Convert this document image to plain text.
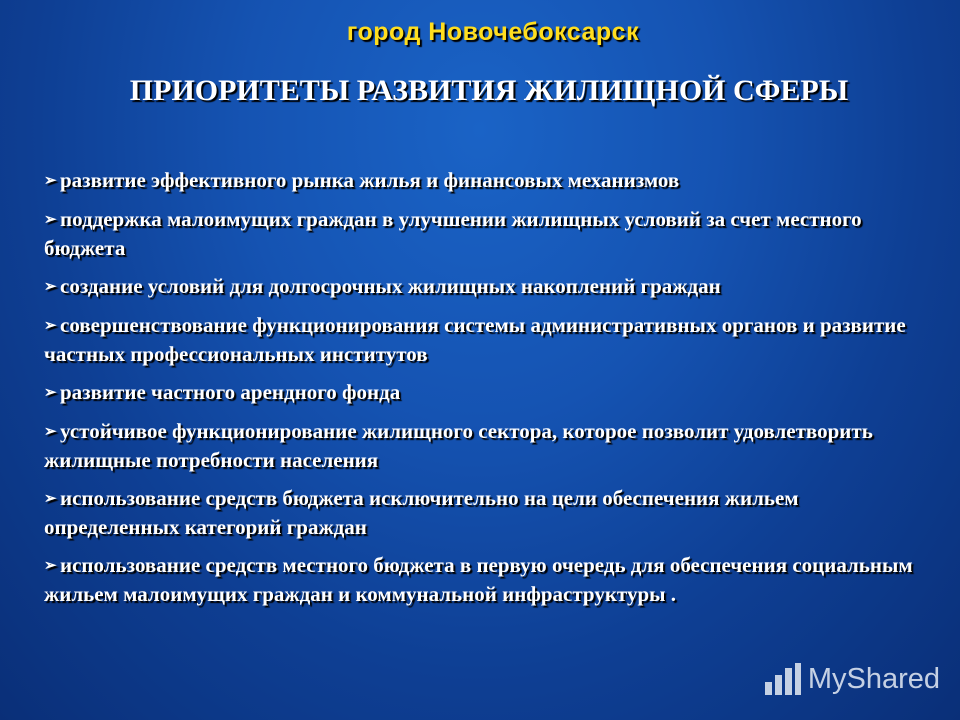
город Новочебоксарск
ПРИОРИТЕТЫ РАЗВИТИЯ ЖИЛИЩНОЙ СФЕРЫ
➢ развитие эффективного рынка жилья и финансовых механизмов
➢ поддержка малоимущих граждан в улучшении жилищных условий за счет местного бюджета
➢ создание условий для долгосрочных жилищных накоплений граждан
➢ совершенствование функционирования системы административных органов и развитие частных профессиональных институтов
➢ развитие частного арендного фонда
➢ устойчивое функционирование жилищного сектора, которое позволит удовлетворить жилищные потребности населения
➢ использование средств бюджета исключительно на цели обеспечения жильем определенных категорий граждан
➢ использование средств местного бюджета в первую очередь для обеспечения социальным жильем малоимущих граждан и коммунальной инфраструктуры .
MyShared
